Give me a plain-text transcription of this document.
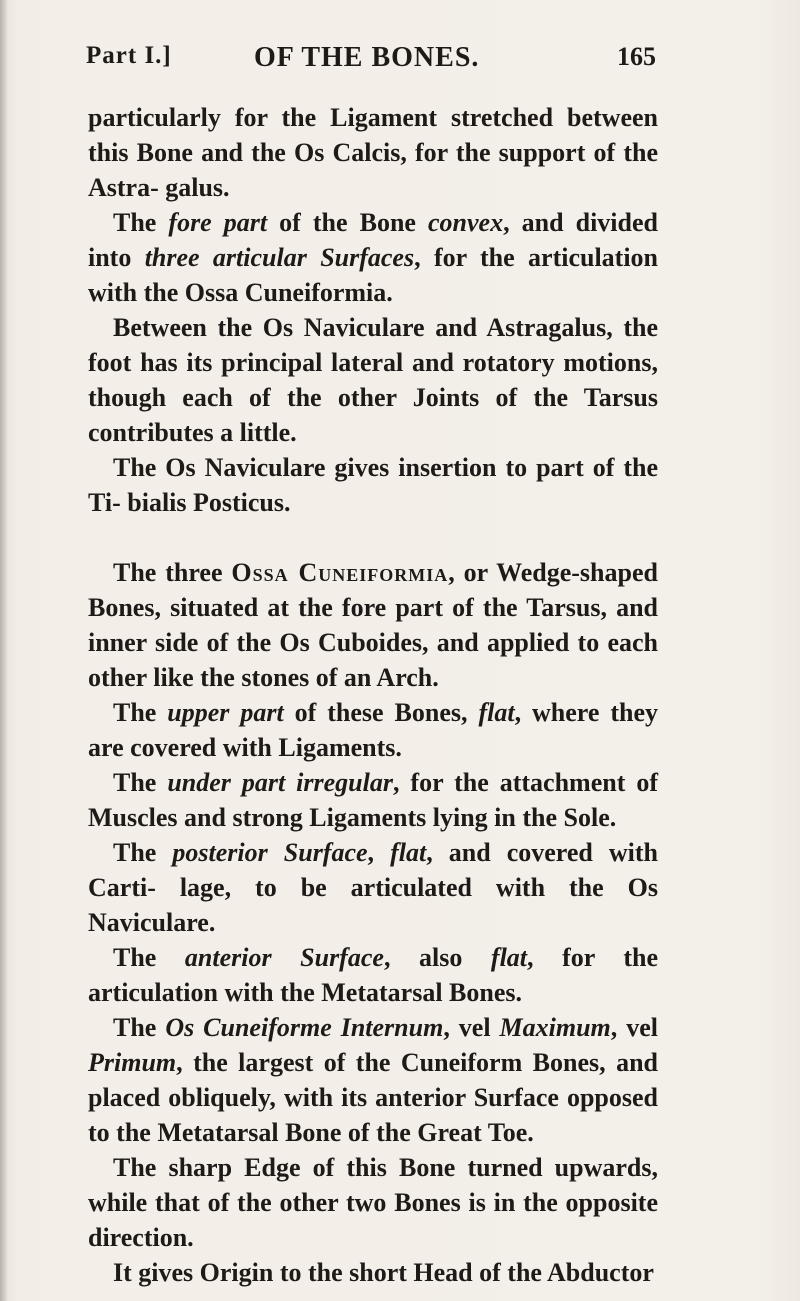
Part I.]	OF THE BONES.	165

particularly for the Ligament stretched between this Bone and the Os Calcis, for the support of the Astra- galus.

The fore part of the Bone convex, and divided into three articular Surfaces, for the articulation with the Ossa Cuneiformia.

Between the Os Naviculare and Astragalus, the foot has its principal lateral and rotatory motions, though each of the other Joints of the Tarsus contributes a little.

The Os Naviculare gives insertion to part of the Ti- bialis Posticus.

The three Ossa Cuneiformia, or Wedge-shaped Bones, situated at the fore part of the Tarsus, and inner side of the Os Cuboides, and applied to each other like the stones of an Arch.

The upper part of these Bones, flat, where they are covered with Ligaments.

The under part irregular, for the attachment of Muscles and strong Ligaments lying in the Sole.

The posterior Surface, flat, and covered with Carti- lage, to be articulated with the Os Naviculare.

The anterior Surface, also flat, for the articulation with the Metatarsal Bones.

The Os Cuneiforme Internum, vel Maximum, vel Primum, the largest of the Cuneiform Bones, and placed obliquely, with its anterior Surface opposed to the Metatarsal Bone of the Great Toe.

The sharp Edge of this Bone turned upwards, while that of the other two Bones is in the opposite direction.

It gives Origin to the short Head of the Abductor
